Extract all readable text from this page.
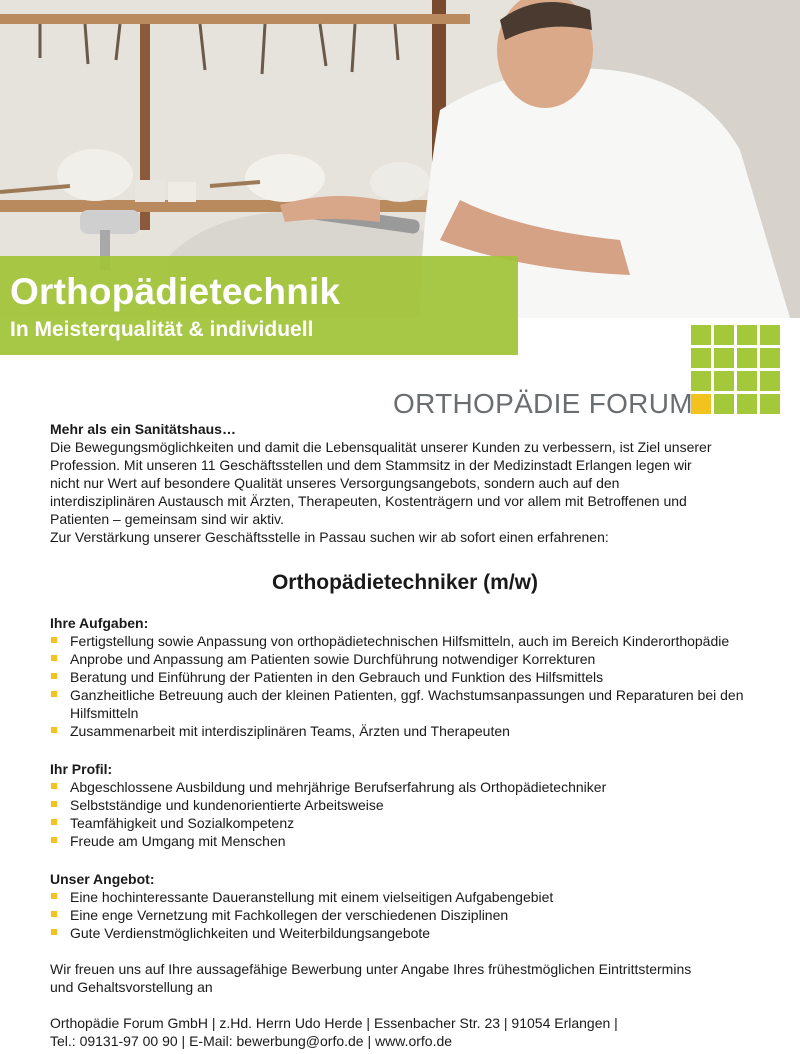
Orthopädietechnik
In Meisterqualität & individuell
ORTHOPÄDIE FORUM
Mehr als ein Sanitätshaus…
Die Bewegungsmöglichkeiten und damit die Lebensqualität unserer Kunden zu verbessern, ist Ziel unserer
Profession. Mit unseren 11 Geschäftsstellen und dem Stammsitz in der Medizinstadt Erlangen legen wir
nicht nur Wert auf besondere Qualität unseres Versorgungsangebots, sondern auch auf den
interdisziplinären Austausch mit Ärzten, Therapeuten, Kostenträgern und vor allem mit Betroffenen und
Patienten – gemeinsam sind wir aktiv.
Zur Verstärkung unserer Geschäftsstelle in Passau suchen wir ab sofort einen erfahrenen:
Orthopädietechniker (m/w)
Ihre Aufgaben:
Fertigstellung sowie Anpassung von orthopädietechnischen Hilfsmitteln, auch im Bereich Kinderorthopädie
Anprobe und Anpassung am Patienten sowie Durchführung notwendiger Korrekturen
Beratung und Einführung der Patienten in den Gebrauch und Funktion des Hilfsmittels
Ganzheitliche Betreuung auch der kleinen Patienten, ggf. Wachstumsanpassungen und Reparaturen bei den Hilfsmitteln
Zusammenarbeit mit interdisziplinären Teams, Ärzten und Therapeuten
Ihr Profil:
Abgeschlossene Ausbildung und mehrjährige Berufserfahrung als Orthopädietechniker
Selbstständige und kundenorientierte Arbeitsweise
Teamfähigkeit und Sozialkompetenz
Freude am Umgang mit Menschen
Unser Angebot:
Eine hochinteressante Daueranstellung mit einem vielseitigen Aufgabengebiet
Eine enge Vernetzung mit Fachkollegen der verschiedenen Disziplinen
Gute Verdienstmöglichkeiten und Weiterbildungsangebote
Wir freuen uns auf Ihre aussagefähige Bewerbung unter Angabe Ihres frühestmöglichen Eintrittstermins
und Gehaltsvorstellung an
Orthopädie Forum GmbH | z.Hd. Herrn Udo Herde | Essenbacher Str. 23 | 91054 Erlangen |
Tel.: 09131-97 00 90 | E-Mail: bewerbung@orfo.de | www.orfo.de
